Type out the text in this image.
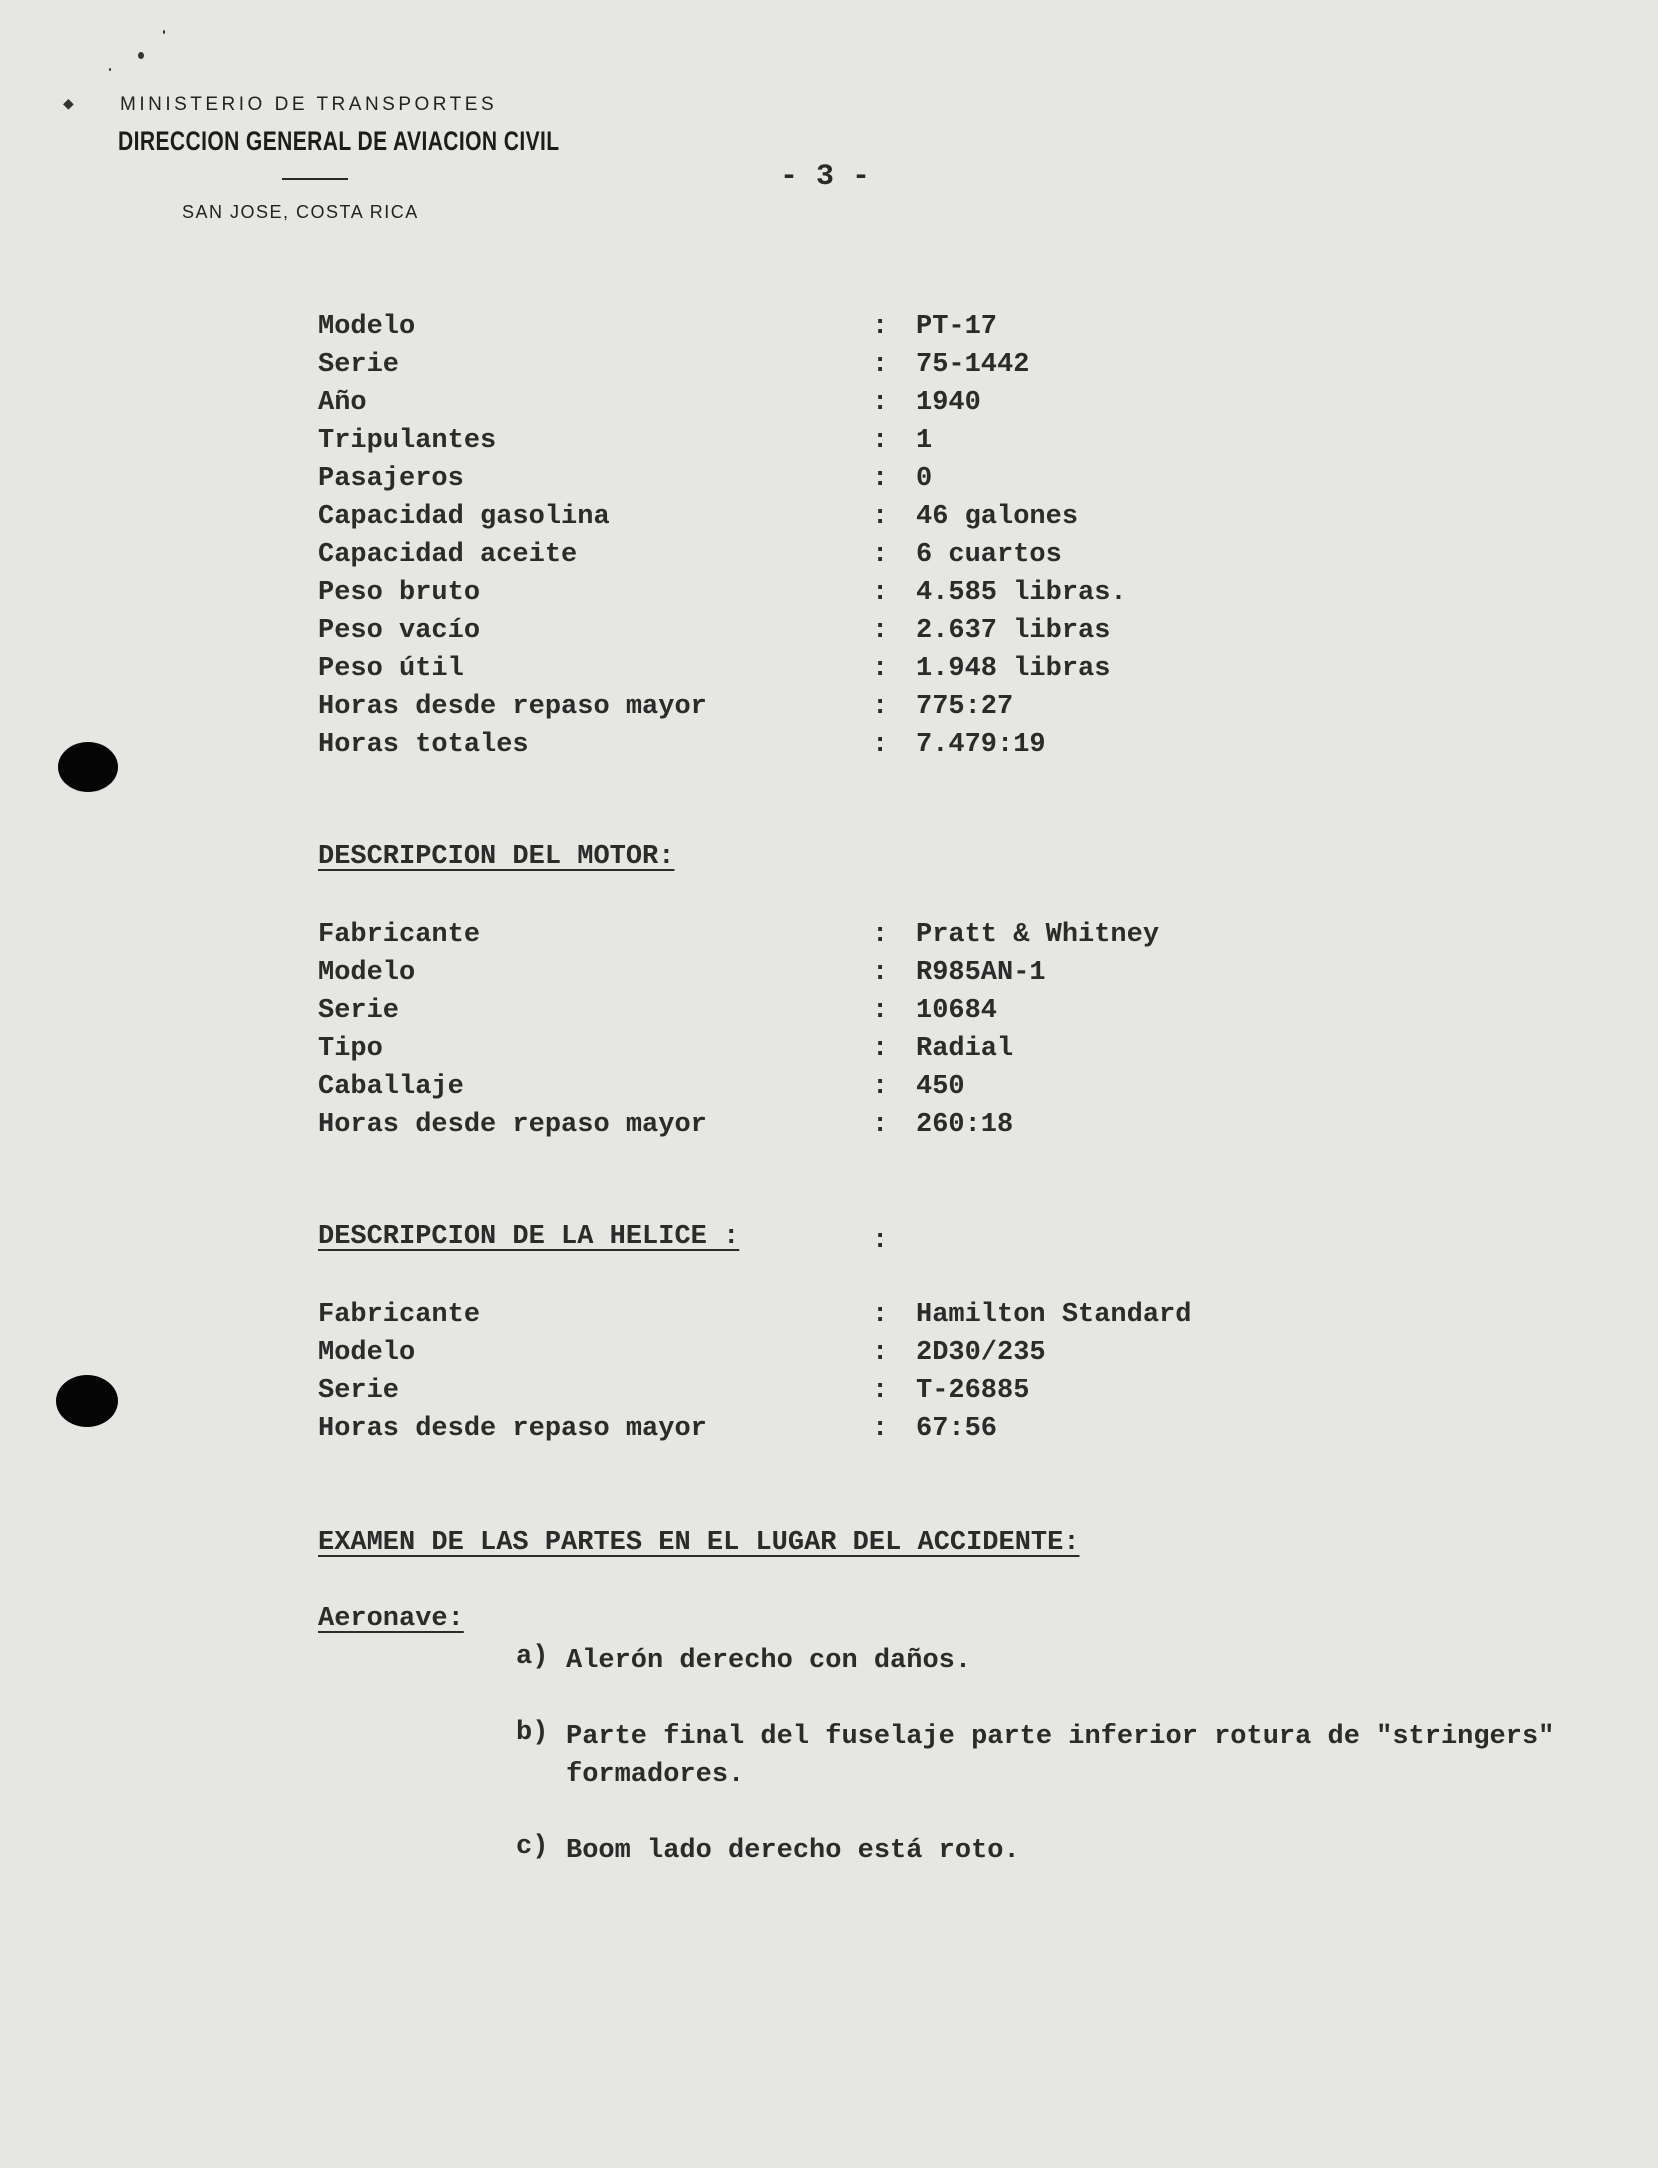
◆ MINISTERIO DE TRANSPORTES
DIRECCION GENERAL DE AVIACION CIVIL
SAN JOSE, COSTA RICA
- 3 -
Modelo	: PT-17
Serie	: 75-1442
Año	: 1940
Tripulantes	: 1
Pasajeros	: 0
Capacidad gasolina	: 46 galones
Capacidad aceite	: 6 cuartos
Peso bruto	: 4.585 libras.
Peso vacío	: 2.637 libras
Peso útil	: 1.948 libras
Horas desde repaso mayor	: 775:27
Horas totales	: 7.479:19
DESCRIPCION DEL MOTOR:
Fabricante	: Pratt & Whitney
Modelo	: R985AN-1
Serie	: 10684
Tipo	: Radial
Caballaje	: 450
Horas desde repaso mayor	: 260:18
DESCRIPCION DE LA HELICE :	:
Fabricante	: Hamilton Standard
Modelo	: 2D30/235
Serie	: T-26885
Horas desde repaso mayor	: 67:56
EXAMEN DE LAS PARTES EN EL LUGAR DEL ACCIDENTE:
Aeronave:

a)

Alerón derecho con daños.

b)

Parte final del fuselaje parte inferior rotura de "stringers" formadores.

c)

Boom lado derecho está roto.
